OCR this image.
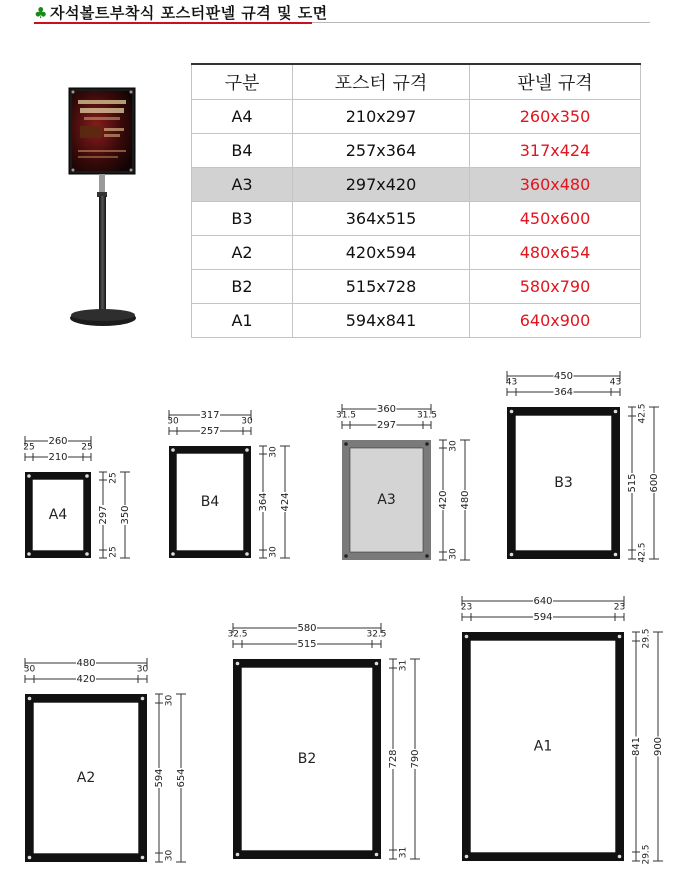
♣ 자석볼트부착식 포스터판넬 규격 및 도면
구분	포스터 규격	판넬 규격
A4	210x297	260x350
B4	257x364	317x424
A3	297x420	360x480
B3	364x515	450x600
A2	420x594	480x654
B2	515x728	580x790
A1	594x841	640x900
A4
260
210
25	25
297
25
25
350
B4
317
257
30	30
364
30
30
424	A3
360
297
31.5	31.5
420
30
30
480
B3
450
364
43	43
515
42.5
42.5
600
A2
480
420
30	30
594
30
30
654
B2
580
515
32.5	32.5
728
31
31
790
A1
640
594
23	23
841
29.5
29.5
900
